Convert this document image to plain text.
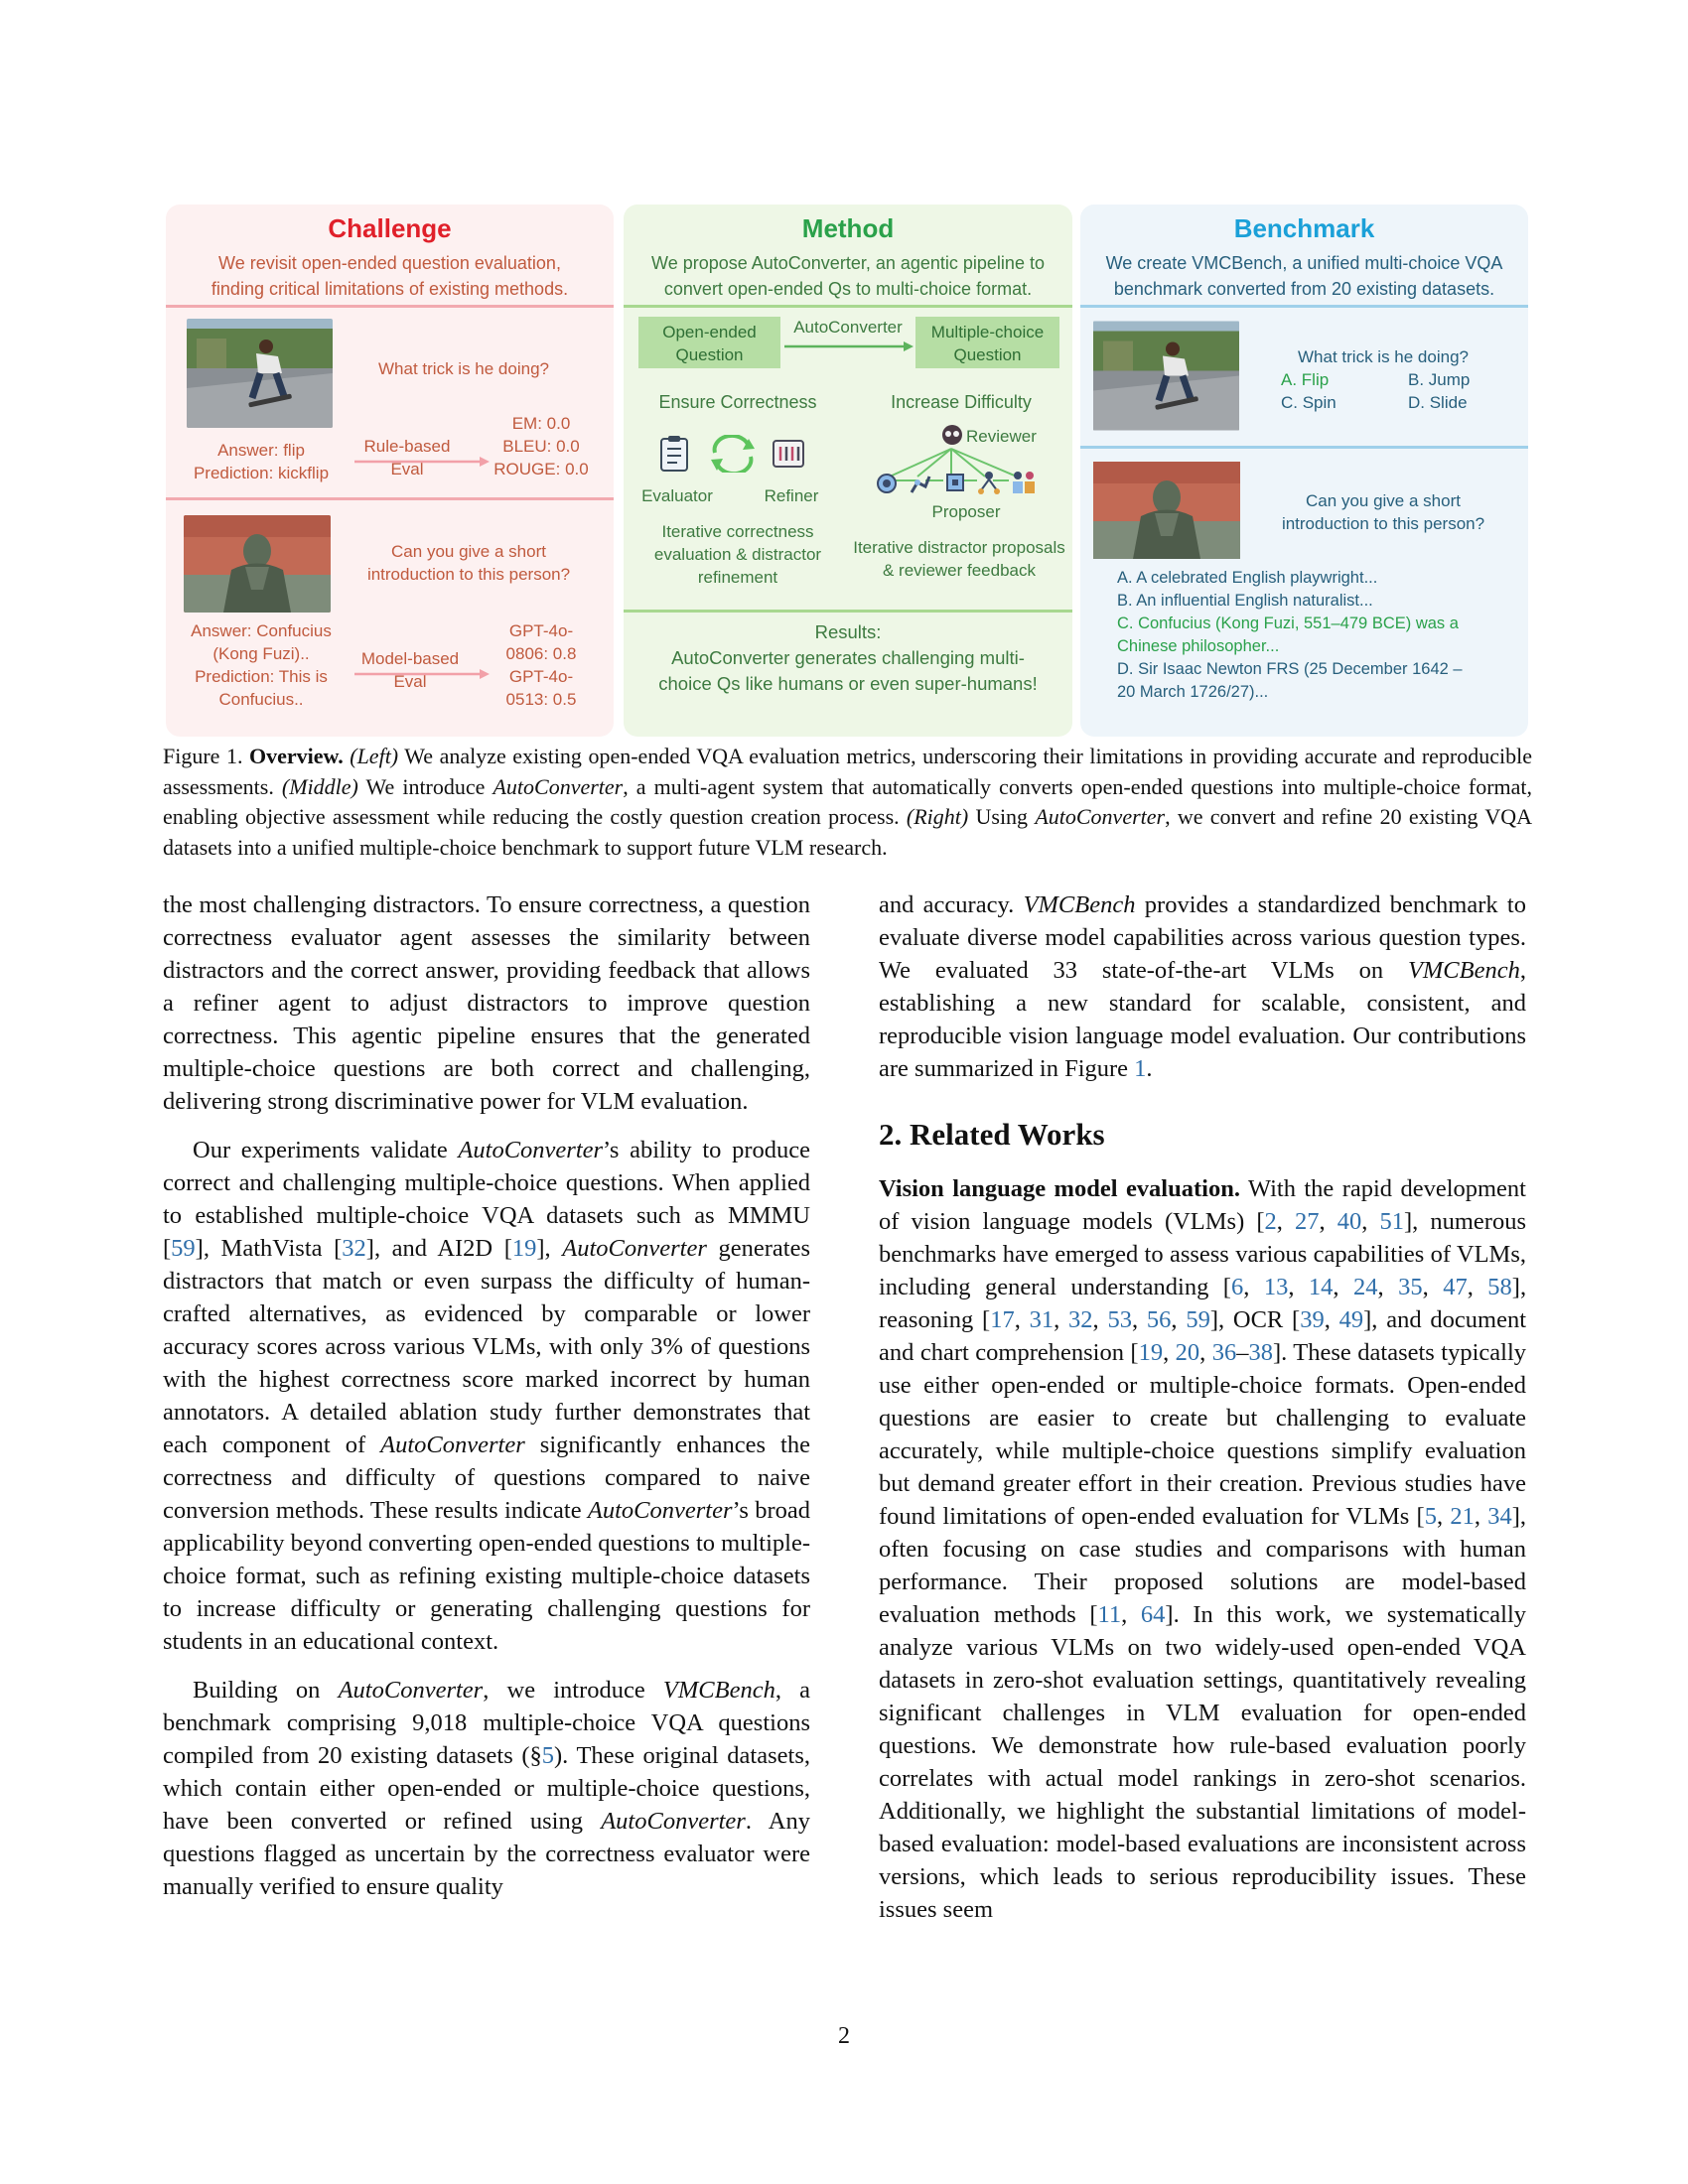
Challenge
We revisit open-ended question evaluation,
finding critical limitations of existing methods.
What trick is he doing?
Answer: flip
Prediction: kickflip
Rule-based
Eval
EM: 0.0
BLEU: 0.0
ROUGE: 0.0
Can you give a short
introduction to this person?
Answer: Confucius
(Kong Fuzi)..
Prediction: This is
Confucius..
Model-based
Eval
GPT-4o-
0806: 0.8
GPT-4o-
0513: 0.5
Method
We propose AutoConverter, an agentic pipeline to
convert open-ended Qs to multi-choice format.
Open-ended
Question
AutoConverter	Multiple-choice
Question
Ensure Correctness	Increase Difficulty
Evaluator	Refiner
Reviewer
Proposer
Iterative correctness
evaluation & distractor
refinement
Iterative distractor proposals
& reviewer feedback
Results:
AutoConverter generates challenging multi-
choice Qs like humans or even super-humans!
Benchmark
We create VMCBench, a unified multi-choice VQA
benchmark converted from 20 existing datasets.
What trick is he doing?
A. Flip	B. Jump
C. Spin	D. Slide
Can you give a short
introduction to this person?
A. A celebrated English playwright...
B. An influential English naturalist...
C. Confucius (Kong Fuzi, 551–479 BCE) was a
Chinese philosopher...
D. Sir Isaac Newton FRS (25 December 1642 –
20 March 1726/27)...
Figure 1. Overview. (Left) We analyze existing open-ended VQA evaluation metrics, underscoring their limitations in providing accurate and reproducible assessments. (Middle) We introduce AutoConverter, a multi-agent system that automatically converts open-ended questions into multiple-choice format, enabling objective assessment while reducing the costly question creation process. (Right) Using AutoConverter, we convert and refine 20 existing VQA datasets into a unified multiple-choice benchmark to support future VLM research.

the most challenging distractors. To ensure correctness, a question correctness evaluator agent assesses the similarity between distractors and the correct answer, providing feedback that allows a refiner agent to adjust distractors to improve question correctness. This agentic pipeline ensures that the generated multiple-choice questions are both correct and challenging, delivering strong discriminative power for VLM evaluation.

Our experiments validate AutoConverter’s ability to produce correct and challenging multiple-choice questions. When applied to established multiple-choice VQA datasets such as MMMU [59], MathVista [32], and AI2D [19], AutoConverter generates distractors that match or even surpass the difficulty of human-crafted alternatives, as evidenced by comparable or lower accuracy scores across various VLMs, with only 3% of questions with the highest correctness score marked incorrect by human annotators. A detailed ablation study further demonstrates that each component of AutoConverter significantly enhances the correctness and difficulty of questions compared to naive conversion methods. These results indicate AutoConverter’s broad applicability beyond converting open-ended questions to multiple-choice format, such as refining existing multiple-choice datasets to increase difficulty or generating challenging questions for students in an educational context.

Building on AutoConverter, we introduce VMCBench, a benchmark comprising 9,018 multiple-choice VQA questions compiled from 20 existing datasets (§5). These original datasets, which contain either open-ended or multiple-choice questions, have been converted or refined using AutoConverter. Any questions flagged as uncertain by the correctness evaluator were manually verified to ensure quality

and accuracy. VMCBench provides a standardized benchmark to evaluate diverse model capabilities across various question types. We evaluated 33 state-of-the-art VLMs on VMCBench, establishing a new standard for scalable, consistent, and reproducible vision language model evaluation. Our contributions are summarized in Figure 1.

2. Related Works

Vision language model evaluation. With the rapid development of vision language models (VLMs) [2, 27, 40, 51], numerous benchmarks have emerged to assess various capabilities of VLMs, including general understanding [6, 13, 14, 24, 35, 47, 58], reasoning [17, 31, 32, 53, 56, 59], OCR [39, 49], and document and chart comprehension [19, 20, 36–38]. These datasets typically use either open-ended or multiple-choice formats. Open-ended questions are easier to create but challenging to evaluate accurately, while multiple-choice questions simplify evaluation but demand greater effort in their creation. Previous studies have found limitations of open-ended evaluation for VLMs [5, 21, 34], often focusing on case studies and comparisons with human performance. Their proposed solutions are model-based evaluation methods [11, 64]. In this work, we systematically analyze various VLMs on two widely-used open-ended VQA datasets in zero-shot evaluation settings, quantitatively revealing significant challenges in VLM evaluation for open-ended questions. We demonstrate how rule-based evaluation poorly correlates with actual model rankings in zero-shot scenarios. Additionally, we highlight the substantial limitations of model-based evaluation: model-based evaluations are inconsistent across versions, which leads to serious reproducibility issues. These issues seem

2
